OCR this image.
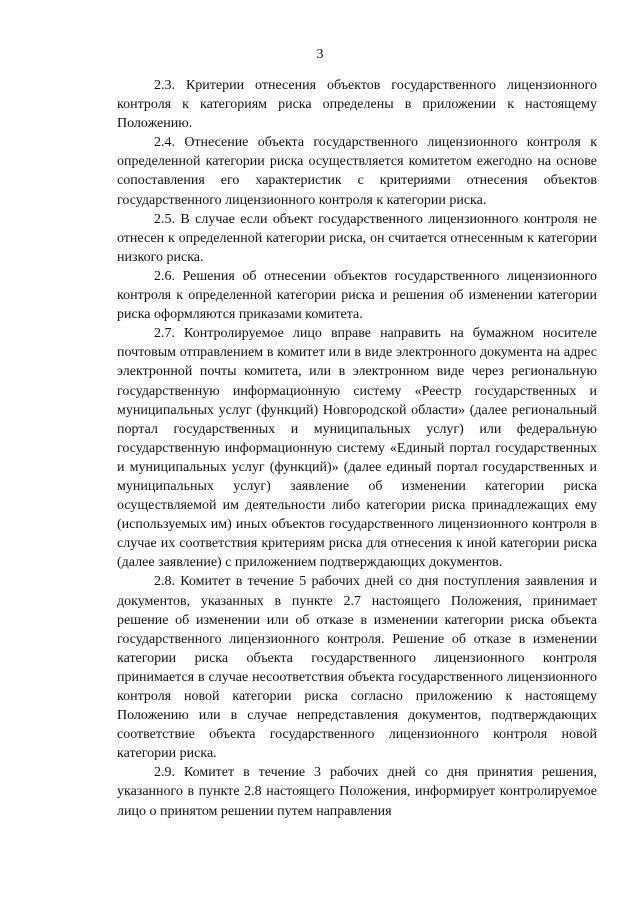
3

2.3. Критерии отнесения объектов государственного лицензионного контроля к категориям риска определены в приложении к настоящему Положению.

2.4. Отнесение объекта государственного лицензионного контроля к определенной категории риска осуществляется комитетом ежегодно на основе сопоставления его характеристик с критериями отнесения объектов государственного лицензионного контроля к категории риска.

2.5. В случае если объект государственного лицензионного контроля не отнесен к определенной категории риска, он считается отнесенным к категории низкого риска.

2.6. Решения об отнесении объектов государственного лицензионного контроля к определенной категории риска и решения об изменении категории риска оформляются приказами комитета.

2.7. Контролируемое лицо вправе направить на бумажном носителе почтовым отправлением в комитет или в виде электронного документа на адрес электронной почты комитета, или в электронном виде через региональную государственную информационную систему «Реестр государственных и муниципальных услуг (функций) Новгородской области» (далее региональный портал государственных и муниципальных услуг) или федеральную государственную информационную систему «Единый портал государственных и муниципальных услуг (функций)» (далее единый портал государственных и муниципальных услуг) заявление об изменении категории риска осуществляемой им деятельности либо категории риска принадлежащих ему (используемых им) иных объектов государственного лицензионного контроля в случае их соответствия критериям риска для отнесения к иной категории риска (далее заявление) с приложением подтверждающих документов.

2.8. Комитет в течение 5 рабочих дней со дня поступления заявления и документов, указанных в пункте 2.7 настоящего Положения, принимает решение об изменении или об отказе в изменении категории риска объекта государственного лицензионного контроля. Решение об отказе в изменении категории риска объекта государственного лицензионного контроля принимается в случае несоответствия объекта государственного лицензионного контроля новой категории риска согласно приложению к настоящему Положению или в случае непредставления документов, подтверждающих соответствие объекта государственного лицензионного контроля новой категории риска.

2.9. Комитет в течение 3 рабочих дней со дня принятия решения, указанного в пункте 2.8 настоящего Положения, информирует контролируемое лицо о принятом решении путем направления
